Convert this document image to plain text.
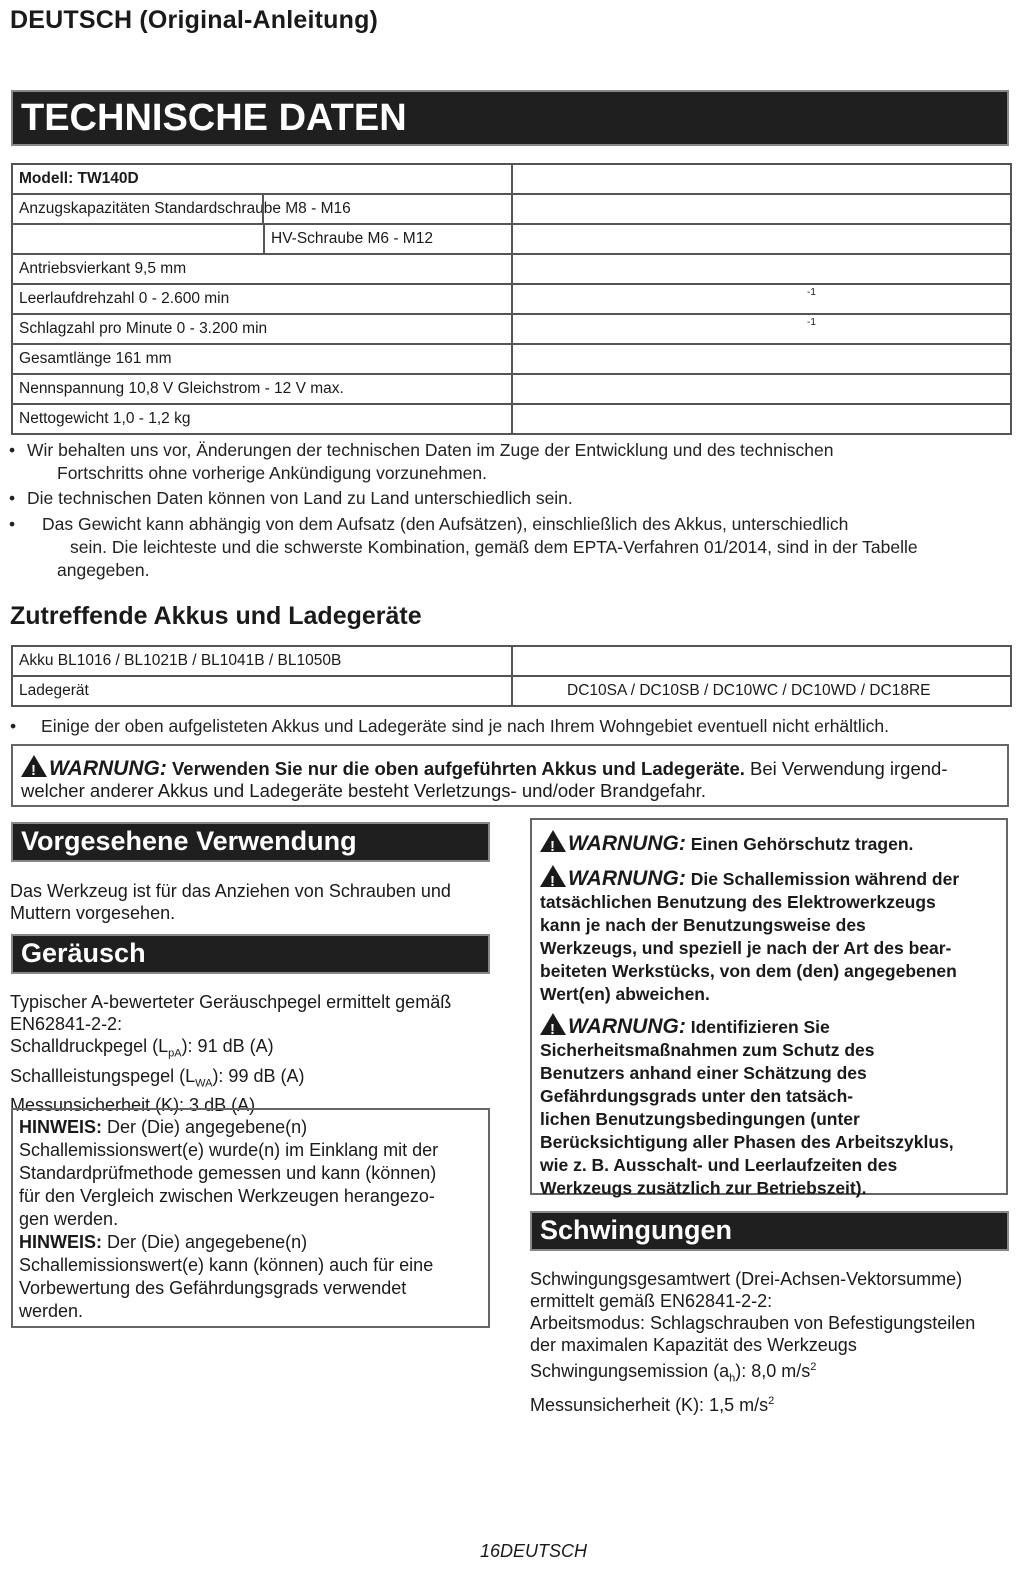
DEUTSCH (Original-Anleitung)
TECHNISCHE DATEN
Modell: TW140D	
Anzugskapazitäten Standardschraube M8 - M16

HV-Schraube M6 - M12	

Antriebsvierkant 9,5 mm	
Leerlaufdrehzahl 0 - 2.600 min	-1

Schlagzahl pro Minute 0 - 3.200 min	-1

Gesamtlänge 161 mm	
Nennspannung 10,8 V Gleichstrom - 12 V max.	
Nettogewicht 1,0 - 1,2 kg	
• Wir behalten uns vor, Änderungen der technischen Daten im Zuge der Entwicklung und des technischen
Fortschritts ohne vorherige Ankündigung vorzunehmen.
• Die technischen Daten können von Land zu Land unterschiedlich sein.
• Das Gewicht kann abhängig von dem Aufsatz (den Aufsätzen), einschließlich des Akkus, unterschiedlich
sein. Die leichteste und die schwerste Kombination, gemäß dem EPTA-Verfahren 01/2014, sind in der Tabelle
angegeben.
Zutreffende Akkus und Ladegeräte
Akku BL1016 / BL1021B / BL1041B / BL1050B	
Ladegerät	DC10SA / DC10SB / DC10WC / DC10WD / DC18RE
• Einige der oben aufgelisteten Akkus und Ladegeräte sind je nach Ihrem Wohngebiet eventuell nicht erhältlich.
!WARNUNG: Verwenden Sie nur die oben aufgeführten Akkus und Ladegeräte. Bei Verwendung irgend-
welcher anderer Akkus und Ladegeräte besteht Verletzungs- und/oder Brandgefahr.
Vorgesehene Verwendung
Das Werkzeug ist für das Anziehen von Schrauben und
Muttern vorgesehen.
Geräusch
Typischer A-bewerteter Geräuschpegel ermittelt gemäß
EN62841-2-2:
Schalldruckpegel $(L_{pA})$: 91 dB (A)
Schallleistungspegel $(L_{WA})$: 99 dB (A)
Messunsicherheit (K): 3 dB (A)
HINWEIS: Der (Die) angegebene(n)
Schallemissionswert(e) wurde(n) im Einklang mit der
Standardprüfmethode gemessen und kann (können)
für den Vergleich zwischen Werkzeugen herangezo-
gen werden.
HINWEIS: Der (Die) angegebene(n)
Schallemissionswert(e) kann (können) auch für eine
Vorbewertung des Gefährdungsgrads verwendet
werden.
!WARNUNG: Einen Gehörschutz tragen.
!WARNUNG: Die Schallemission während der
tatsächlichen Benutzung des Elektrowerkzeugs
kann je nach der Benutzungsweise des
Werkzeugs, und speziell je nach der Art des bear-
beiteten Werkstücks, von dem (den) angegebenen
Wert(en) abweichen.
!WARNUNG: Identifizieren Sie
Sicherheitsmaßnahmen zum Schutz des
Benutzers anhand einer Schätzung des
Gefährdungsgrads unter den tatsäch-
lichen Benutzungsbedingungen (unter
Berücksichtigung aller Phasen des Arbeitszyklus,
wie z. B. Ausschalt- und Leerlaufzeiten des
Werkzeugs zusätzlich zur Betriebszeit).
Schwingungen
Schwingungsgesamtwert (Drei-Achsen-Vektorsumme)
ermittelt gemäß EN62841-2-2:
Arbeitsmodus: Schlagschrauben von Befestigungsteilen
der maximalen Kapazität des Werkzeugs
Schwingungsemission $(a_h)$: 8,0 $m/s^2$
Messunsicherheit (K): 1,5 $m/s^2$
16DEUTSCH
